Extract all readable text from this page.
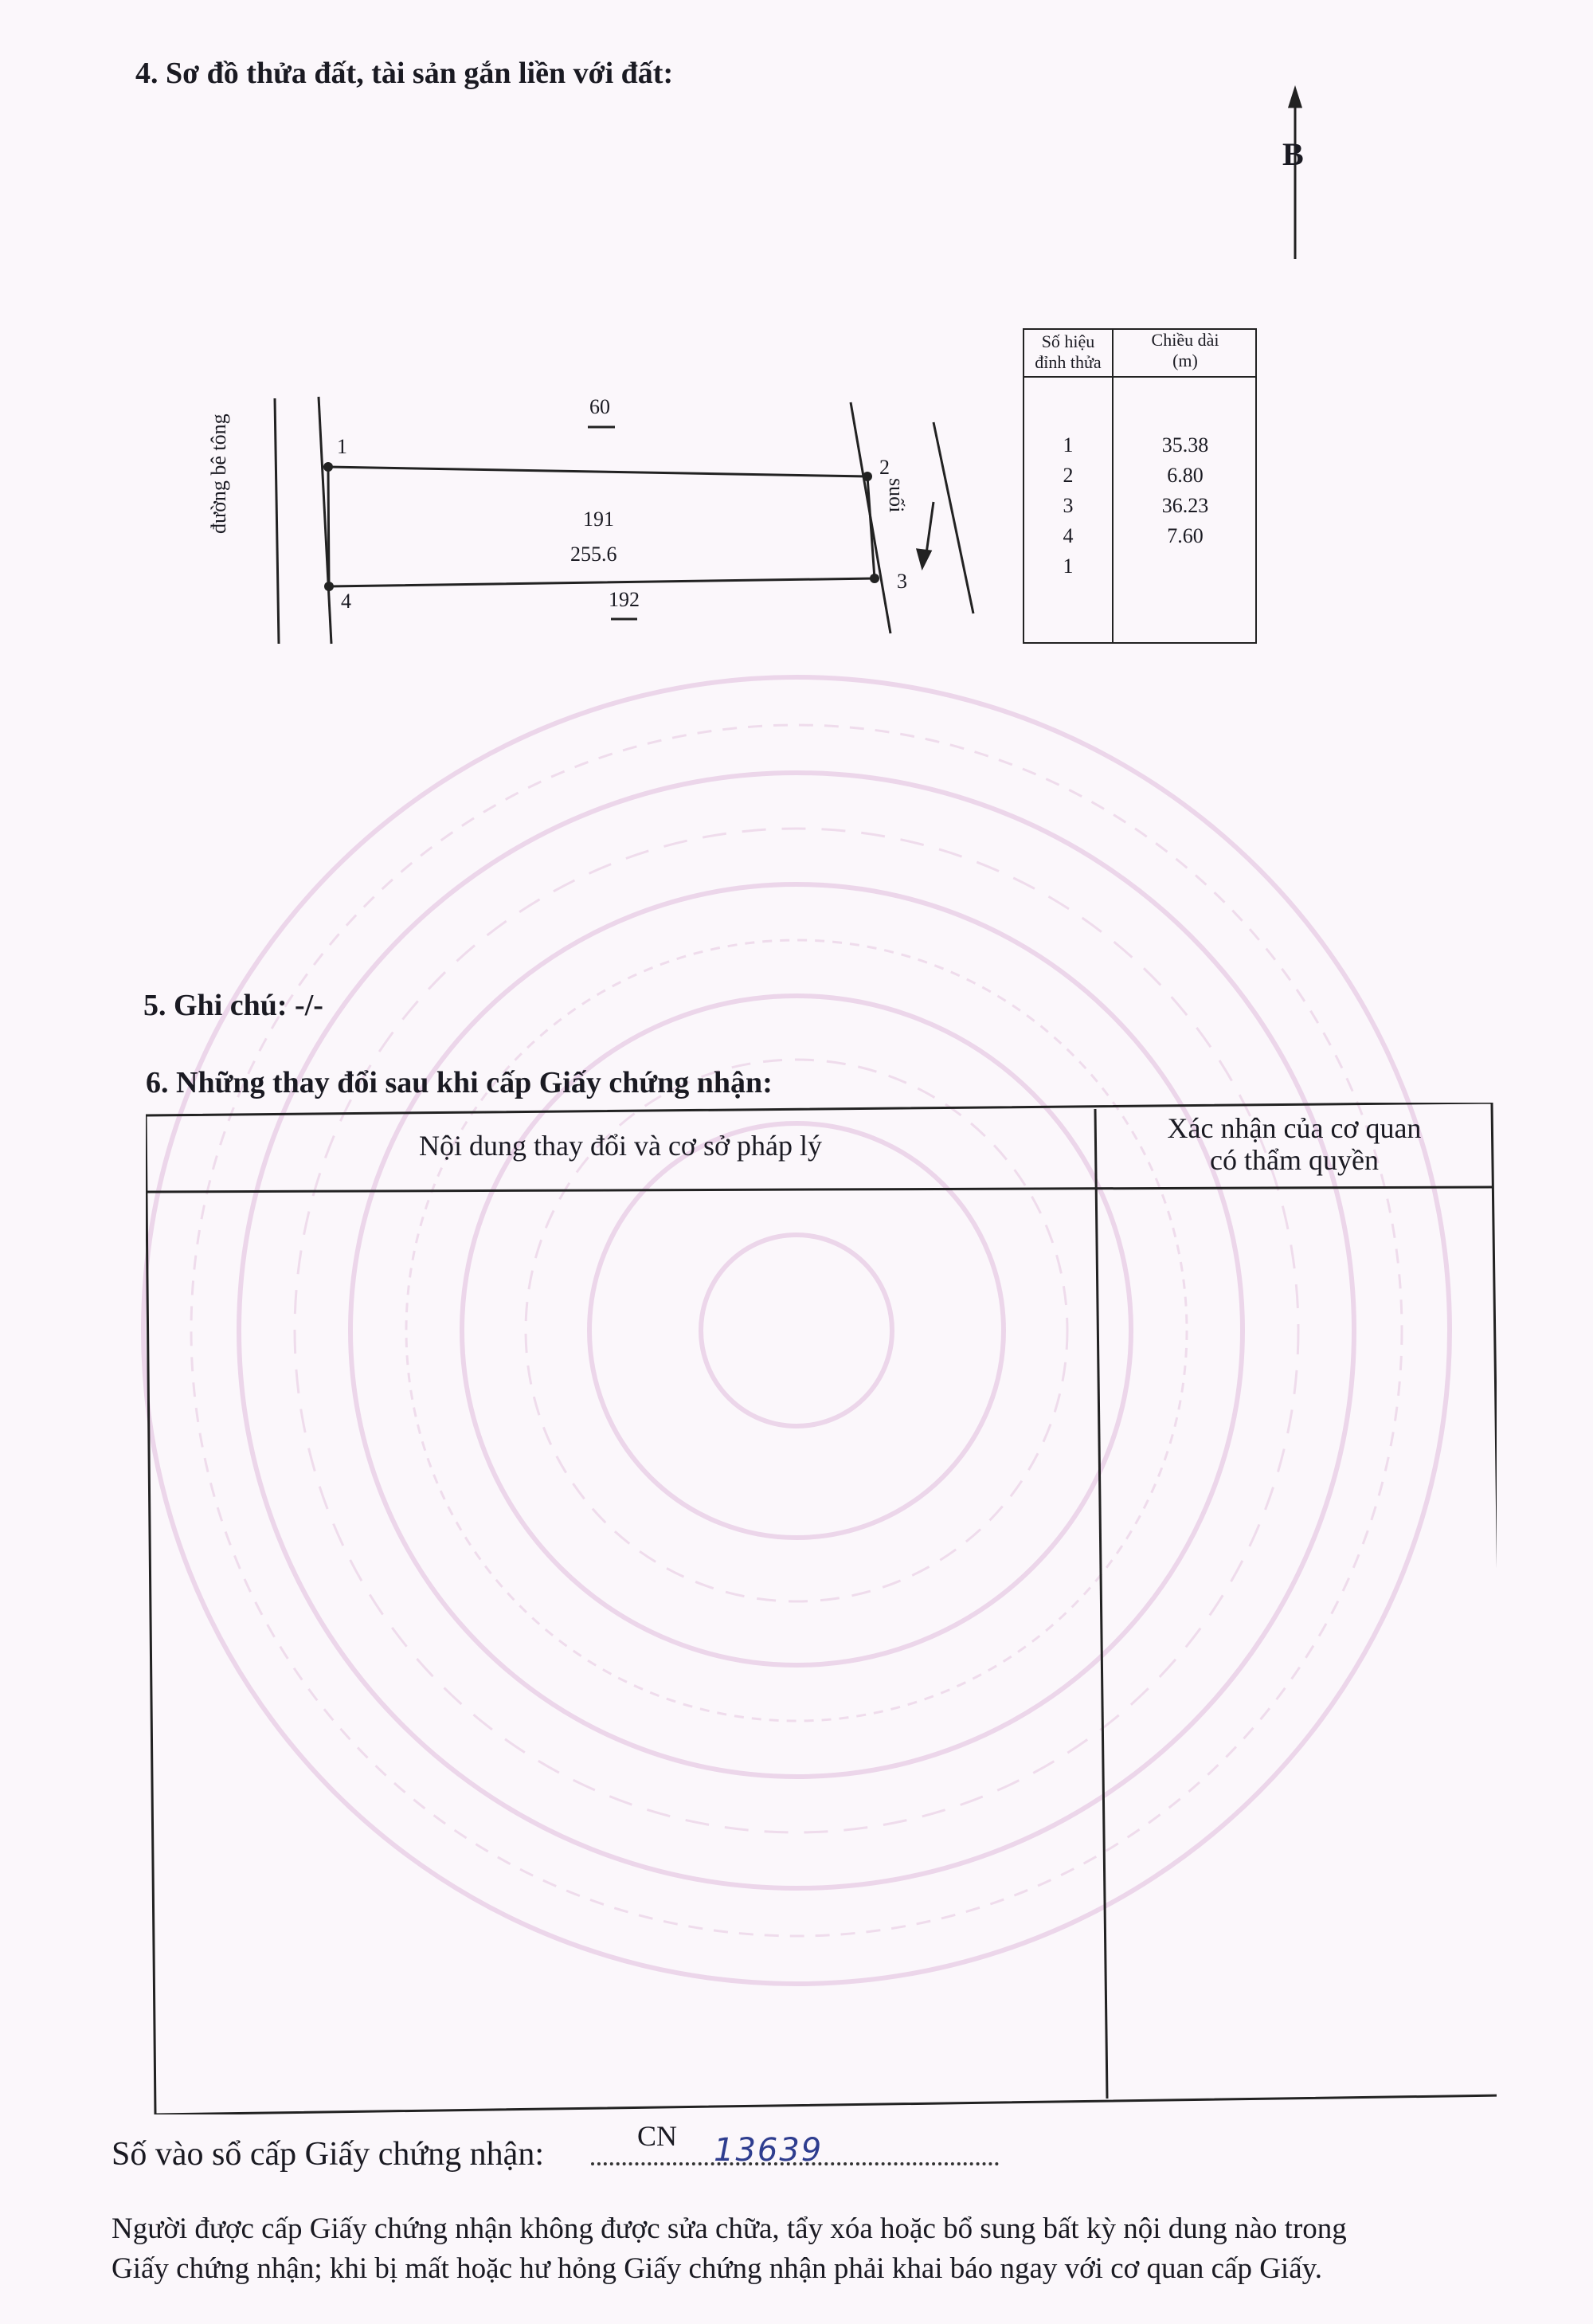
4. Sơ đồ thửa đất, tài sản gắn liền với đất:
B
đường bê tông	suối
60
192
191
255.6
1
2
3
4
Số hiệu
đỉnh thửa
Chiều dài
(m)
1	35.38
2	6.80
3	36.23
4	7.60
1
5. Ghi chú: -/-
6. Những thay đổi sau khi cấp Giấy chứng nhận:
Nội dung thay đổi và cơ sở pháp lý
Xác nhận của cơ quan
có thẩm quyền
Số vào sổ cấp Giấy chứng nhận:	CN 13639
Người được cấp Giấy chứng nhận không được sửa chữa, tẩy xóa hoặc bổ sung bất kỳ nội dung nào trong
Giấy chứng nhận; khi bị mất hoặc hư hỏng Giấy chứng nhận phải khai báo ngay với cơ quan cấp Giấy.
